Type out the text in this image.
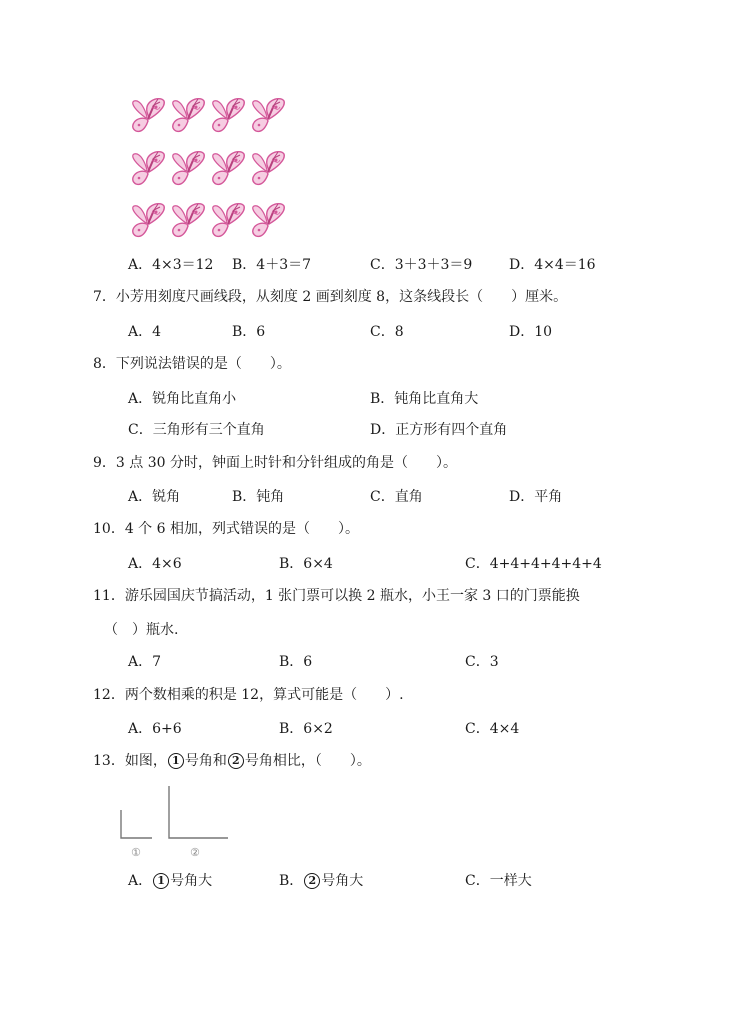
A．4×3＝12 B．4＋3＝7	C．3＋3＋3＝9	D．4×4＝16
7．小芳用刻度尺画线段，从刻度 2 画到刻度 8，这条线段长（　　）厘米。
A．4	B．6	C．8	D．10
8．下列说法错误的是（　　）。
A．锐角比直角小	B．钝角比直角大
C．三角形有三个直角	D．正方形有四个直角
9．3 点 30 分时，钟面上时针和分针组成的角是（　　）。
A．锐角	B．钝角	C．直角	D．平角
10．4 个 6 相加，列式错误的是（　　）。
A．4×6	B．6×4	C．4+4+4+4+4+4
11．游乐园国庆节搞活动，1 张门票可以换 2 瓶水，小王一家 3 口的门票能换
（　）瓶水.
A．7	B．6	C．3
12．两个数相乘的积是 12，算式可能是（　　）.
A．6+6	B．6×2	C．4×4
13．如图， 1 号角和 2 号角相比，（　　）。
①	②
A． 1 号角大	B． 2 号角大	C．一样大
